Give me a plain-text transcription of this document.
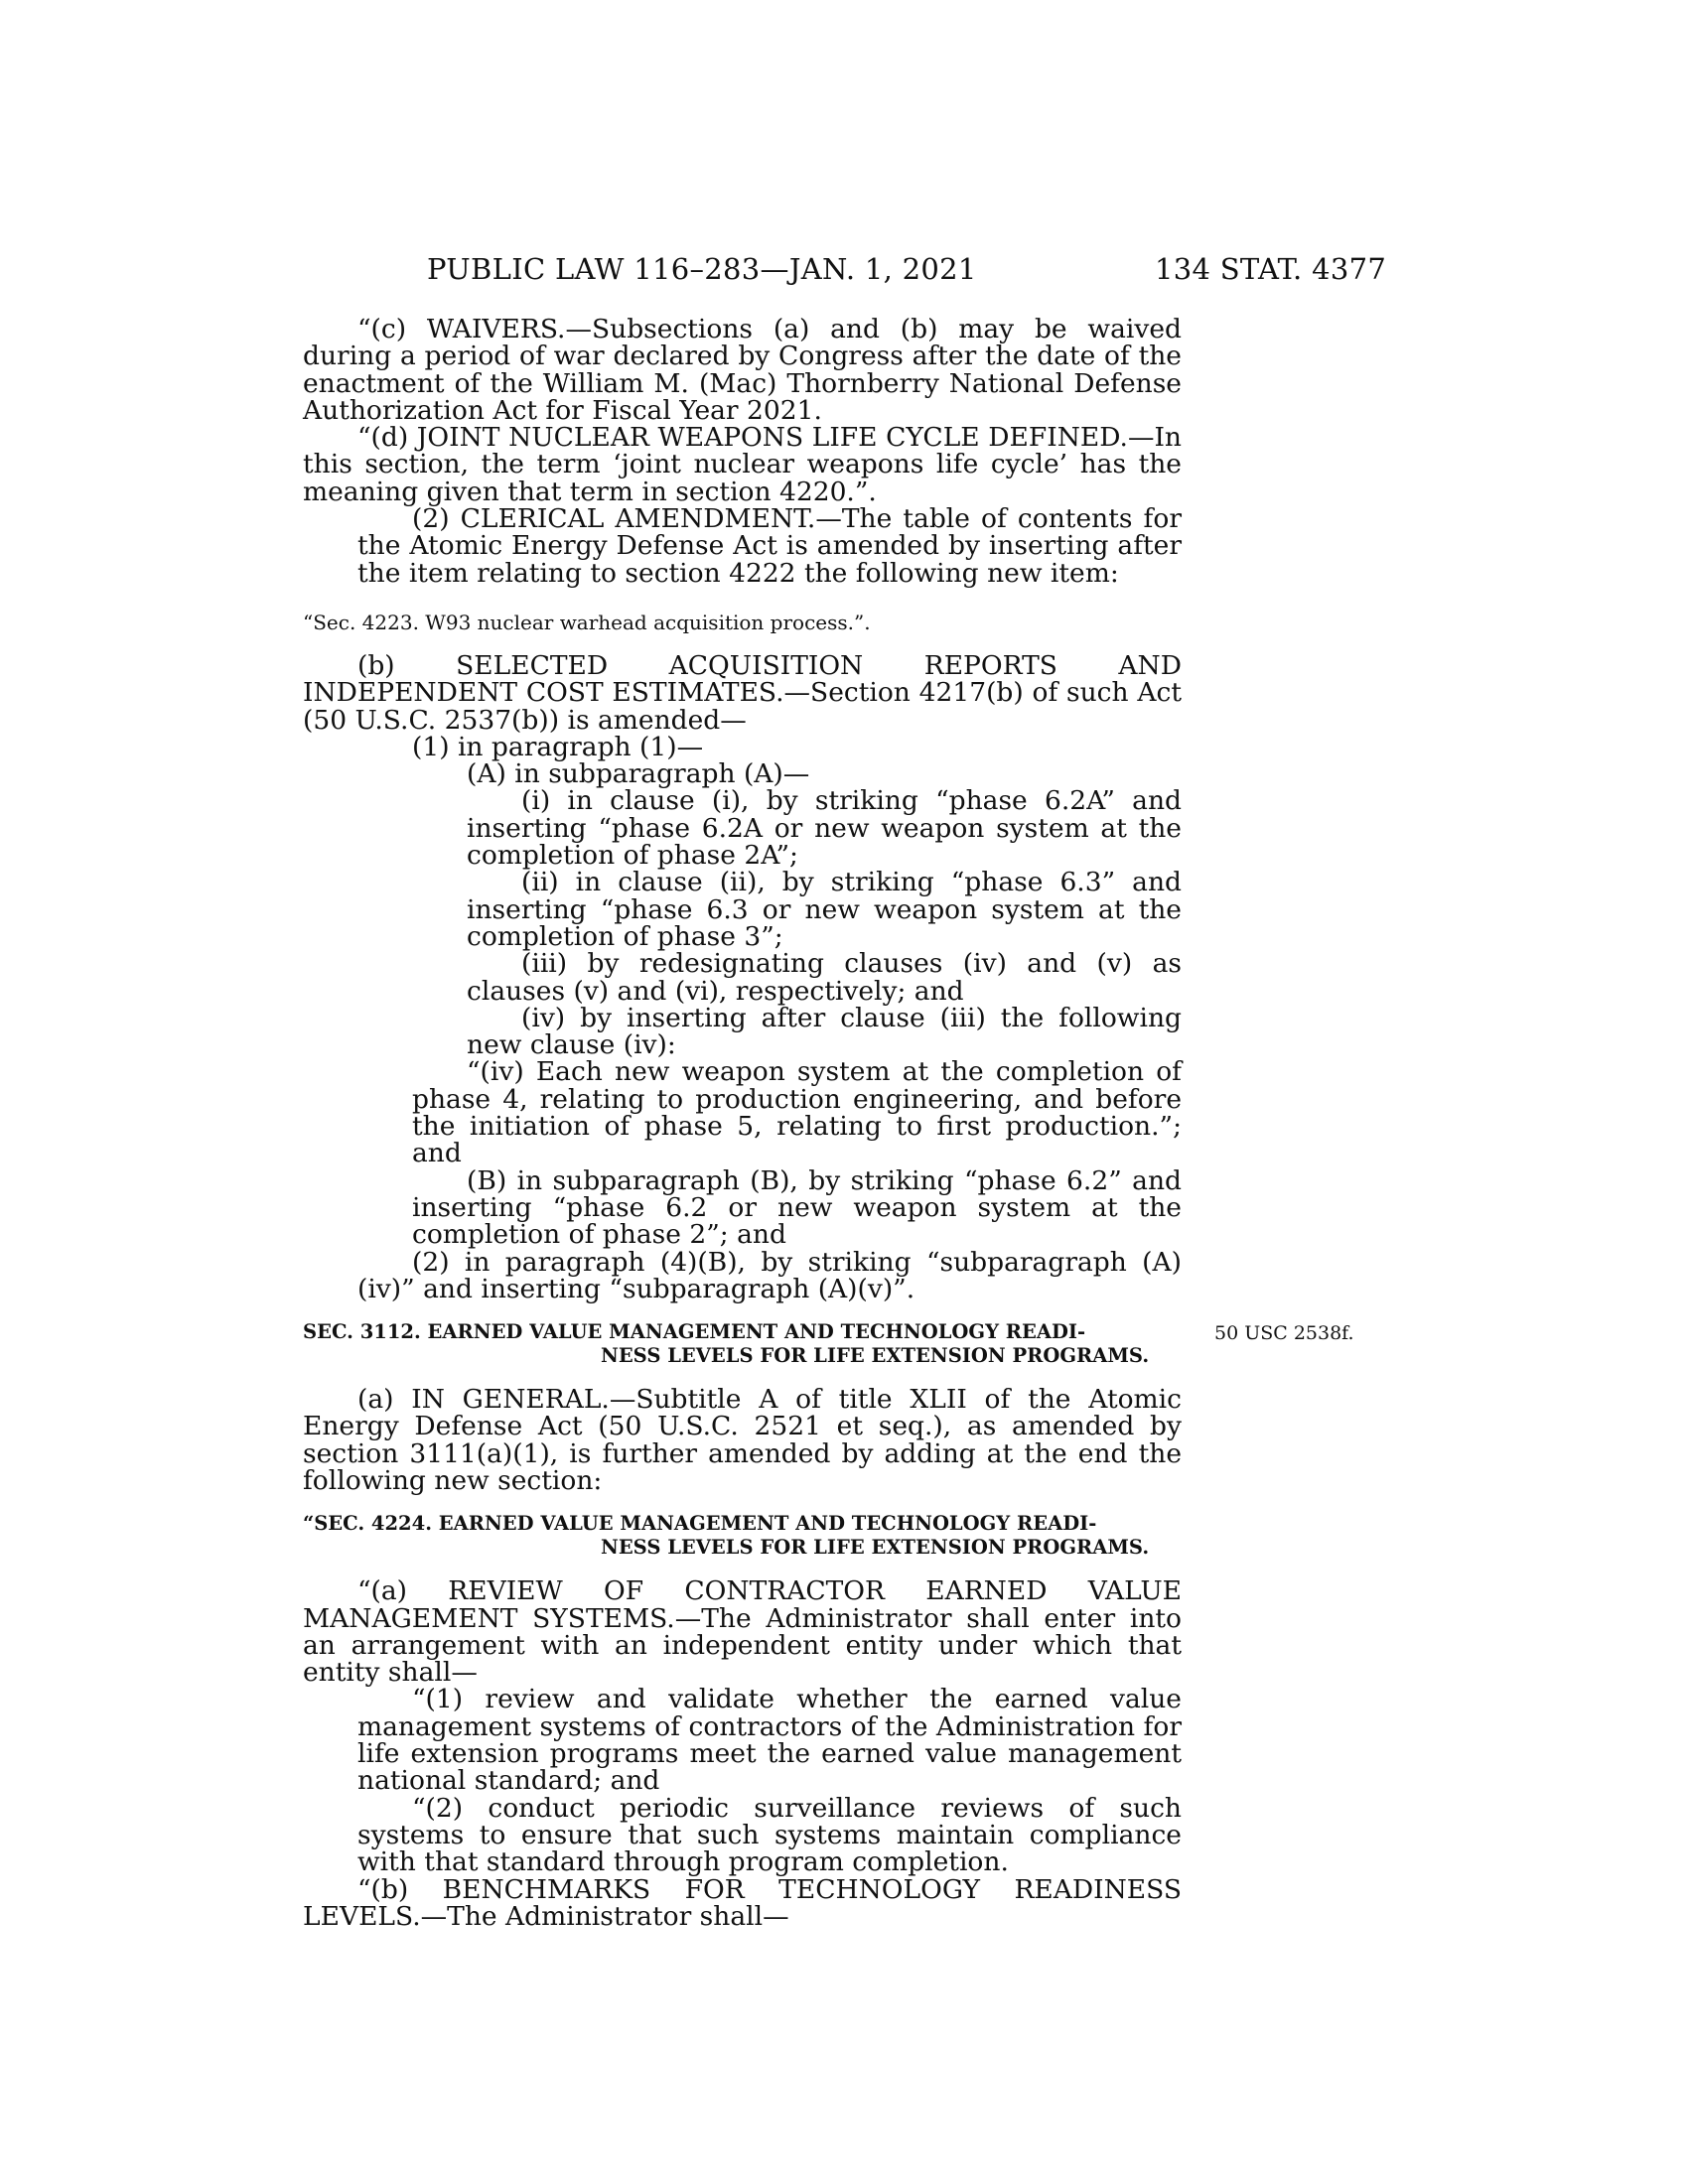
PUBLIC LAW 116–283—JAN. 1, 2021	134 STAT. 4377

“(c) WAIVERS.—Subsections (a) and (b) may be waived during a period of war declared by Congress after the date of the enactment of the William M. (Mac) Thornberry National Defense Authorization Act for Fiscal Year 2021.

“(d) JOINT NUCLEAR WEAPONS LIFE CYCLE DEFINED.—In this section, the term ‘joint nuclear weapons life cycle’ has the meaning given that term in section 4220.”.

(2) CLERICAL AMENDMENT.—The table of contents for the Atomic Energy Defense Act is amended by inserting after the item relating to section 4222 the following new item:

“Sec. 4223. W93 nuclear warhead acquisition process.”.

(b) SELECTED ACQUISITION REPORTS AND INDEPENDENT COST ESTIMATES.—Section 4217(b) of such Act (50 U.S.C. 2537(b)) is amended—

(1) in paragraph (1)—

(A) in subparagraph (A)—

(i) in clause (i), by striking “phase 6.2A” and inserting “phase 6.2A or new weapon system at the completion of phase 2A”;

(ii) in clause (ii), by striking “phase 6.3” and inserting “phase 6.3 or new weapon system at the completion of phase 3”;

(iii) by redesignating clauses (iv) and (v) as clauses (v) and (vi), respectively; and

(iv) by inserting after clause (iii) the following new clause (iv):

“(iv) Each new weapon system at the completion of phase 4, relating to production engineering, and before the initiation of phase 5, relating to first production.”; and

(B) in subparagraph (B), by striking “phase 6.2” and inserting “phase 6.2 or new weapon system at the completion of phase 2”; and

(2) in paragraph (4)(B), by striking “subparagraph (A)(iv)” and inserting “subparagraph (A)(v)”.

SEC. 3112. EARNED VALUE MANAGEMENT AND TECHNOLOGY READI-
NESS LEVELS FOR LIFE EXTENSION PROGRAMS.

(a) IN GENERAL.—Subtitle A of title XLII of the Atomic Energy Defense Act (50 U.S.C. 2521 et seq.), as amended by section 3111(a)(1), is further amended by adding at the end the following new section:

“SEC. 4224. EARNED VALUE MANAGEMENT AND TECHNOLOGY READI-
NESS LEVELS FOR LIFE EXTENSION PROGRAMS.

“(a) REVIEW OF CONTRACTOR EARNED VALUE MANAGEMENT SYSTEMS.—The Administrator shall enter into an arrangement with an independent entity under which that entity shall—

“(1) review and validate whether the earned value management systems of contractors of the Administration for life extension programs meet the earned value management national standard; and

“(2) conduct periodic surveillance reviews of such systems to ensure that such systems maintain compliance with that standard through program completion.

“(b) BENCHMARKS FOR TECHNOLOGY READINESS LEVELS.—The Administrator shall—

50 USC 2538f.
